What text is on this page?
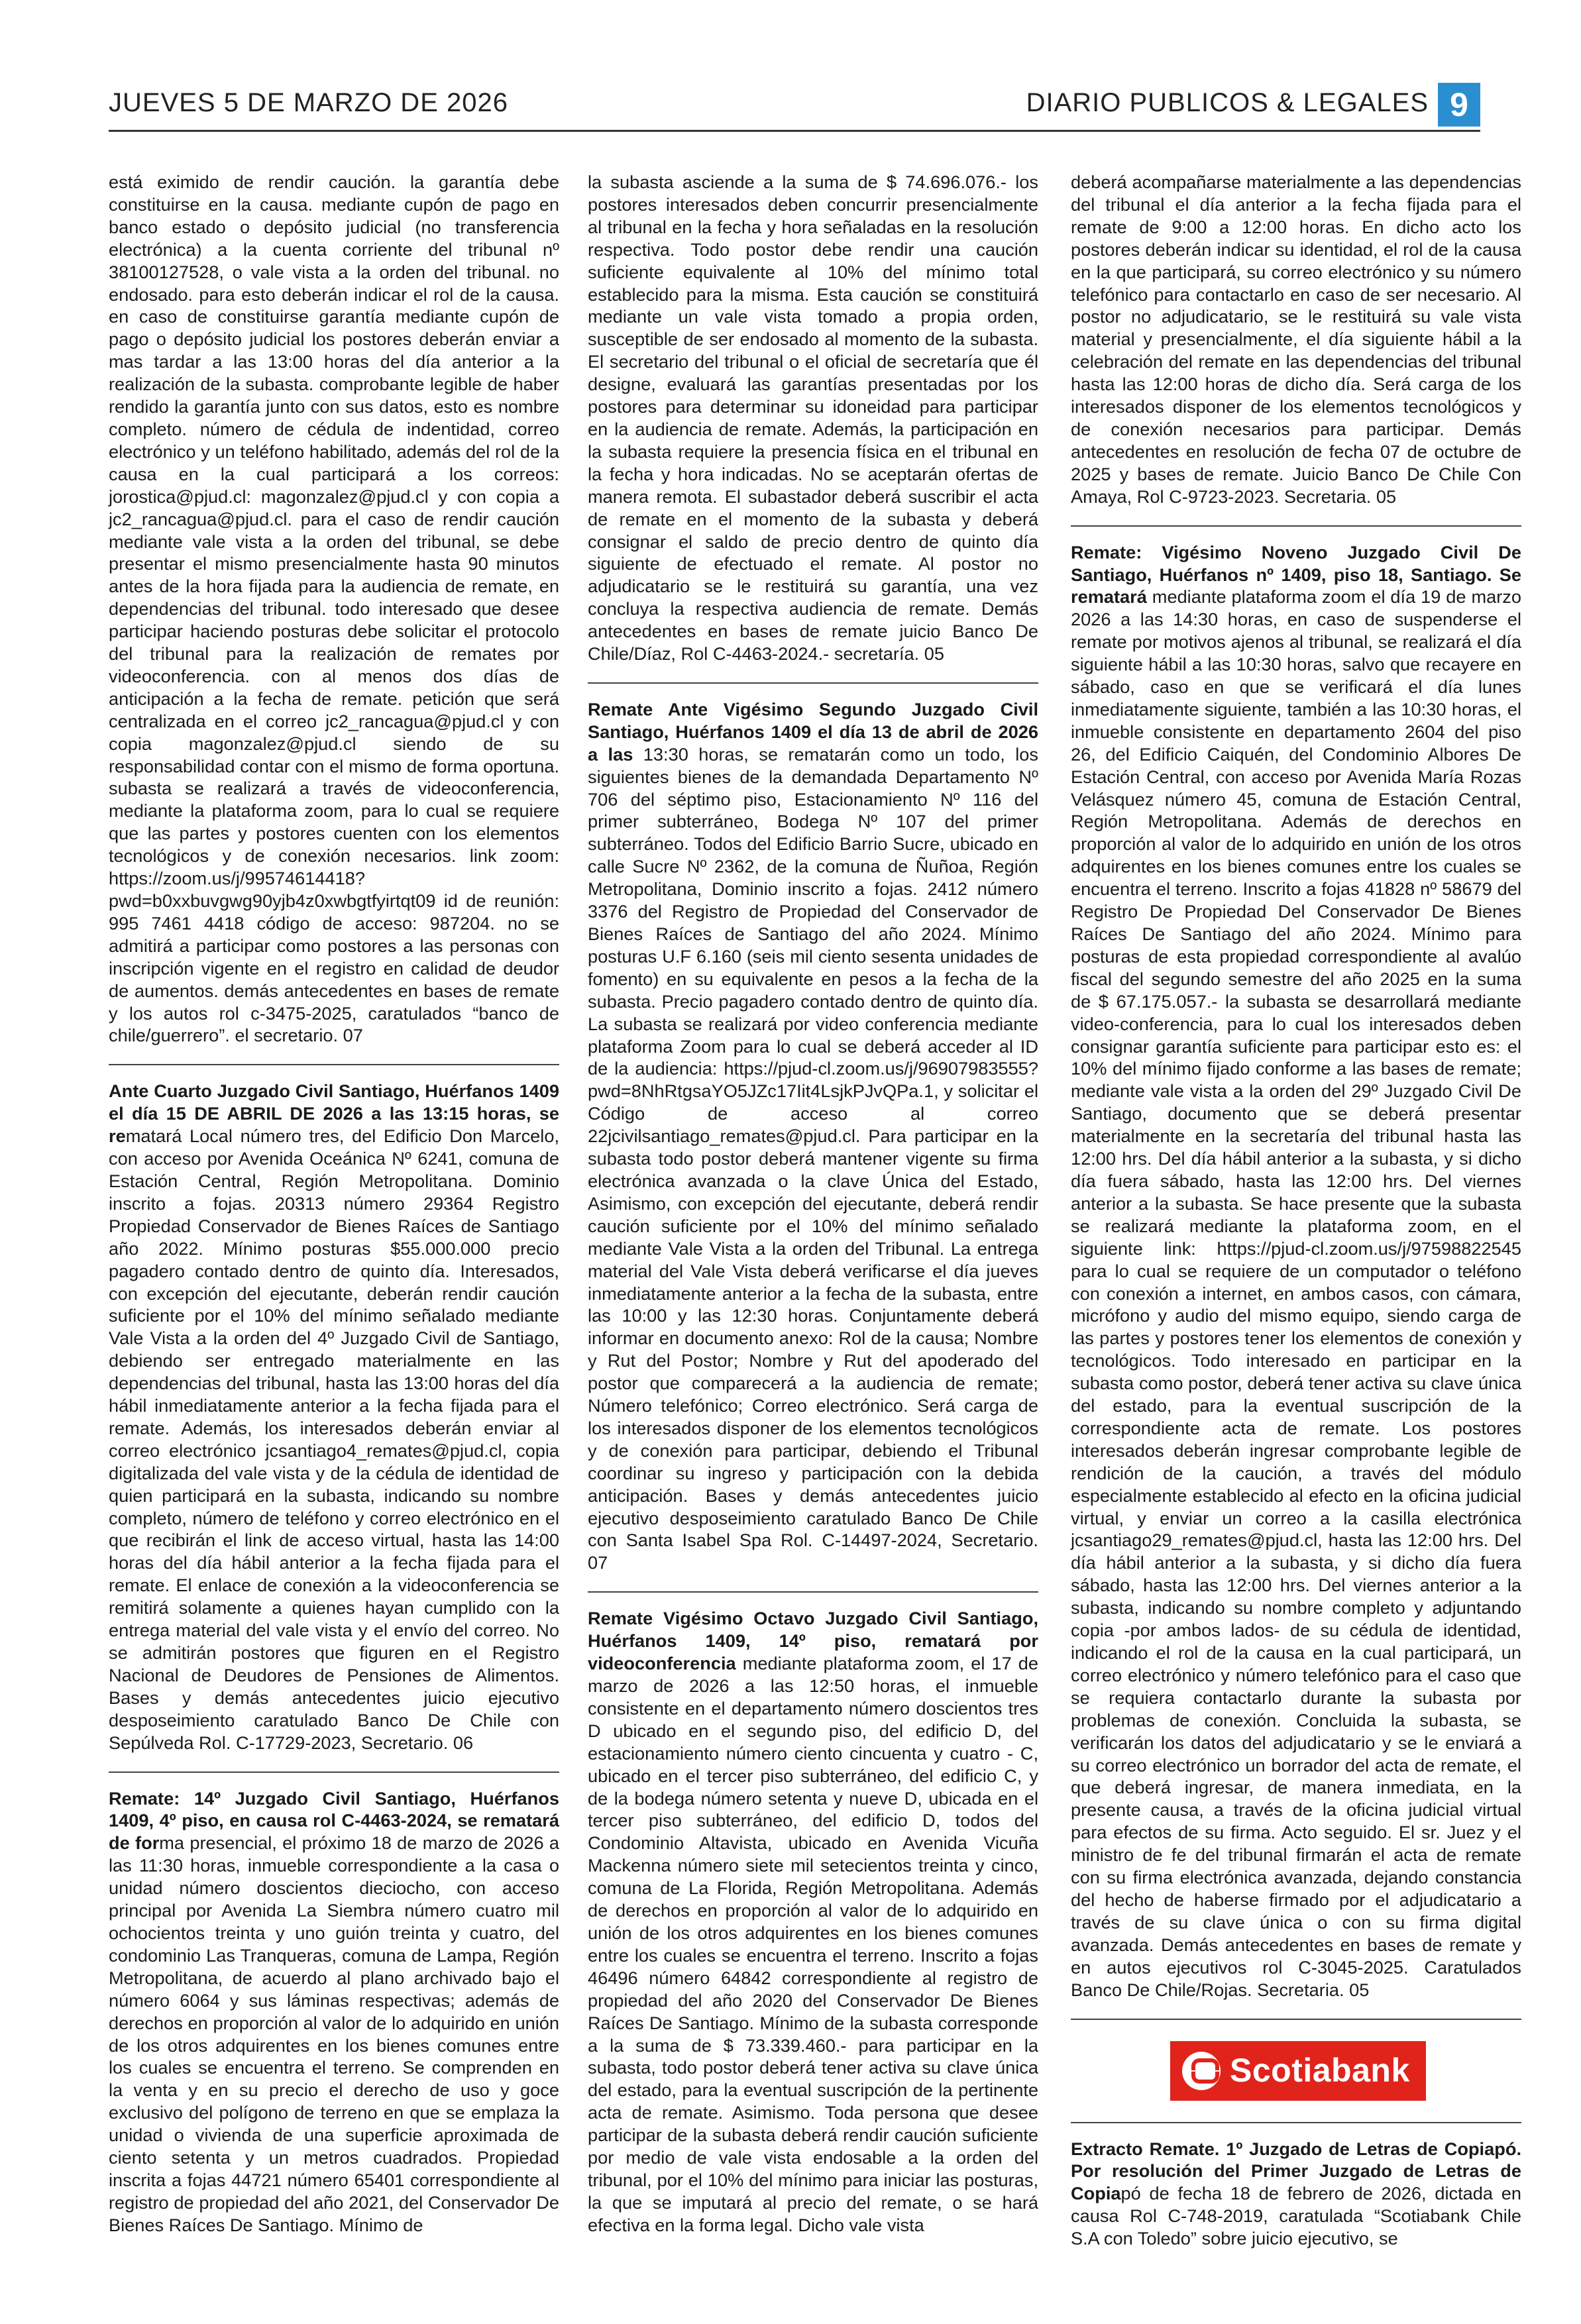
JUEVES 5 DE MARZO DE 2026	DIARIO PUBLICOS & LEGALES 9

está eximido de rendir caución. la garantía debe constituirse en la causa. mediante cupón de pago en banco estado o depósito judicial (no transferencia electrónica) a la cuenta corriente del tribunal nº 38100127528, o vale vista a la orden del tribunal. no endosado. para esto deberán indicar el rol de la causa. en caso de constituirse garantía mediante cupón de pago o depósito judicial los postores deberán enviar a mas tardar a las 13:00 horas del día anterior a la realización de la subasta. comprobante legible de haber rendido la garantía junto con sus datos, esto es nombre completo. número de cédula de indentidad, correo electrónico y un teléfono habilitado, además del rol de la causa en la cual participará a los correos: jorostica@pjud.cl: magonzalez@pjud.cl y con copia a jc2_rancagua@pjud.cl. para el caso de rendir caución mediante vale vista a la orden del tribunal, se debe presentar el mismo presencialmente hasta 90 minutos antes de la hora fijada para la audiencia de remate, en dependencias del tribunal. todo interesado que desee participar haciendo posturas debe solicitar el protocolo del tribunal para la realización de remates por videoconferencia. con al menos dos días de anticipación a la fecha de remate. petición que será centralizada en el correo jc2_rancagua@pjud.cl y con copia magonzalez@pjud.cl siendo de su responsabilidad contar con el mismo de forma oportuna. subasta se realizará a través de videoconferencia, mediante la plataforma zoom, para lo cual se requiere que las partes y postores cuenten con los elementos tecnológicos y de conexión necesarios. link zoom: https://zoom.us/j/99574614418?pwd=b0xxbuvgwg90yjb4z0xwbgtfyirtqt09 id de reunión: 995 7461 4418 código de acceso: 987204. no se admitirá a participar como postores a las personas con inscripción vigente en el registro en calidad de deudor de aumentos. demás antecedentes en bases de remate y los autos rol c-3475-2025, caratulados “banco de chile/guerrero”. el secretario. 07

Ante Cuarto Juzgado Civil Santiago, Huérfanos 1409 el día 15 DE ABRIL DE 2026 a las 13:15 horas, se rematará Local número tres, del Edificio Don Marcelo, con acceso por Avenida Oceánica Nº 6241, comuna de Estación Central, Región Metropolitana. Dominio inscrito a fojas. 20313 número 29364 Registro Propiedad Conservador de Bienes Raíces de Santiago año 2022. Mínimo posturas $55.000.000 precio pagadero contado dentro de quinto día. Interesados, con excepción del ejecutante, deberán rendir caución suficiente por el 10% del mínimo señalado mediante Vale Vista a la orden del 4º Juzgado Civil de Santiago, debiendo ser entregado materialmente en las dependencias del tribunal, hasta las 13:00 horas del día hábil inmediatamente anterior a la fecha fijada para el remate. Además, los interesados deberán enviar al correo electrónico jcsantiago4_remates@pjud.cl, copia digitalizada del vale vista y de la cédula de identidad de quien participará en la subasta, indicando su nombre completo, número de teléfono y correo electrónico en el que recibirán el link de acceso virtual, hasta las 14:00 horas del día hábil anterior a la fecha fijada para el remate. El enlace de conexión a la videoconferencia se remitirá solamente a quienes hayan cumplido con la entrega material del vale vista y el envío del correo. No se admitirán postores que figuren en el Registro Nacional de Deudores de Pensiones de Alimentos. Bases y demás antecedentes juicio ejecutivo desposeimiento caratulado Banco De Chile con Sepúlveda Rol. C-17729-2023, Secretario. 06

Remate: 14º Juzgado Civil Santiago, Huérfanos 1409, 4º piso, en causa rol C-4463-2024, se rematará de forma presencial, el próximo 18 de marzo de 2026 a las 11:30 horas, inmueble correspondiente a la casa o unidad número doscientos dieciocho, con acceso principal por Avenida La Siembra número cuatro mil ochocientos treinta y uno guión treinta y cuatro, del condominio Las Tranqueras, comuna de Lampa, Región Metropolitana, de acuerdo al plano archivado bajo el número 6064 y sus láminas respectivas; además de derechos en proporción al valor de lo adquirido en unión de los otros adquirentes en los bienes comunes entre los cuales se encuentra el terreno. Se comprenden en la venta y en su precio el derecho de uso y goce exclusivo del polígono de terreno en que se emplaza la unidad o vivienda de una superficie aproximada de ciento setenta y un metros cuadrados. Propiedad inscrita a fojas 44721 número 65401 correspondiente al registro de propiedad del año 2021, del Conservador De Bienes Raíces De Santiago. Mínimo de

la subasta asciende a la suma de $ 74.696.076.- los postores interesados deben concurrir presencialmente al tribunal en la fecha y hora señaladas en la resolución respectiva. Todo postor debe rendir una caución suficiente equivalente al 10% del mínimo total establecido para la misma. Esta caución se constituirá mediante un vale vista tomado a propia orden, susceptible de ser endosado al momento de la subasta. El secretario del tribunal o el oficial de secretaría que él designe, evaluará las garantías presentadas por los postores para determinar su idoneidad para participar en la audiencia de remate. Además, la participación en la subasta requiere la presencia física en el tribunal en la fecha y hora indicadas. No se aceptarán ofertas de manera remota. El subastador deberá suscribir el acta de remate en el momento de la subasta y deberá consignar el saldo de precio dentro de quinto día siguiente de efectuado el remate. Al postor no adjudicatario se le restituirá su garantía, una vez concluya la respectiva audiencia de remate. Demás antecedentes en bases de remate juicio Banco De Chile/Díaz, Rol C-4463-2024.- secretaría. 05

Remate Ante Vigésimo Segundo Juzgado Civil Santiago, Huérfanos 1409 el día 13 de abril de 2026 a las 13:30 horas, se rematarán como un todo, los siguientes bienes de la demandada Departamento Nº 706 del séptimo piso, Estacionamiento Nº 116 del primer subterráneo, Bodega Nº 107 del primer subterráneo. Todos del Edificio Barrio Sucre, ubicado en calle Sucre Nº 2362, de la comuna de Ñuñoa, Región Metropolitana, Dominio inscrito a fojas. 2412 número 3376 del Registro de Propiedad del Conservador de Bienes Raíces de Santiago del año 2024. Mínimo posturas U.F 6.160 (seis mil ciento sesenta unidades de fomento) en su equivalente en pesos a la fecha de la subasta. Precio pagadero contado dentro de quinto día. La subasta se realizará por video conferencia mediante plataforma Zoom para lo cual se deberá acceder al ID de la audiencia: https://pjud-cl.zoom.us/j/96907983555?pwd=8NhRtgsaYO5JZc17Iit4LsjkPJvQPa.1, y solicitar el Código de acceso al correo 22jcivilsantiago_remates@pjud.cl. Para participar en la subasta todo postor deberá mantener vigente su firma electrónica avanzada o la clave Única del Estado, Asimismo, con excepción del ejecutante, deberá rendir caución suficiente por el 10% del mínimo señalado mediante Vale Vista a la orden del Tribunal. La entrega material del Vale Vista deberá verificarse el día jueves inmediatamente anterior a la fecha de la subasta, entre las 10:00 y las 12:30 horas. Conjuntamente deberá informar en documento anexo: Rol de la causa; Nombre y Rut del Postor; Nombre y Rut del apoderado del postor que comparecerá a la audiencia de remate; Número telefónico; Correo electrónico. Será carga de los interesados disponer de los elementos tecnológicos y de conexión para participar, debiendo el Tribunal coordinar su ingreso y participación con la debida anticipación. Bases y demás antecedentes juicio ejecutivo desposeimiento caratulado Banco De Chile con Santa Isabel Spa Rol. C-14497-2024, Secretario. 07

Remate Vigésimo Octavo Juzgado Civil Santiago, Huérfanos 1409, 14º piso, rematará por videoconferencia mediante plataforma zoom, el 17 de marzo de 2026 a las 12:50 horas, el inmueble consistente en el departamento número doscientos tres D ubicado en el segundo piso, del edificio D, del estacionamiento número ciento cincuenta y cuatro - C, ubicado en el tercer piso subterráneo, del edificio C, y de la bodega número setenta y nueve D, ubicada en el tercer piso subterráneo, del edificio D, todos del Condominio Altavista, ubicado en Avenida Vicuña Mackenna número siete mil setecientos treinta y cinco, comuna de La Florida, Región Metropolitana. Además de derechos en proporción al valor de lo adquirido en unión de los otros adquirentes en los bienes comunes entre los cuales se encuentra el terreno. Inscrito a fojas 46496 número 64842 correspondiente al registro de propiedad del año 2020 del Conservador De Bienes Raíces De Santiago. Mínimo de la subasta corresponde a la suma de $ 73.339.460.- para participar en la subasta, todo postor deberá tener activa su clave única del estado, para la eventual suscripción de la pertinente acta de remate. Asimismo. Toda persona que desee participar de la subasta deberá rendir caución suficiente por medio de vale vista endosable a la orden del tribunal, por el 10% del mínimo para iniciar las posturas, la que se imputará al precio del remate, o se hará efectiva en la forma legal. Dicho vale vista

deberá acompañarse materialmente a las dependencias del tribunal el día anterior a la fecha fijada para el remate de 9:00 a 12:00 horas. En dicho acto los postores deberán indicar su identidad, el rol de la causa en la que participará, su correo electrónico y su número telefónico para contactarlo en caso de ser necesario. Al postor no adjudicatario, se le restituirá su vale vista material y presencialmente, el día siguiente hábil a la celebración del remate en las dependencias del tribunal hasta las 12:00 horas de dicho día. Será carga de los interesados disponer de los elementos tecnológicos y de conexión necesarios para participar. Demás antecedentes en resolución de fecha 07 de octubre de 2025 y bases de remate. Juicio Banco De Chile Con Amaya, Rol C-9723-2023. Secretaria. 05

Remate: Vigésimo Noveno Juzgado Civil De Santiago, Huérfanos nº 1409, piso 18, Santiago. Se rematará mediante plataforma zoom el día 19 de marzo 2026 a las 14:30 horas, en caso de suspenderse el remate por motivos ajenos al tribunal, se realizará el día siguiente hábil a las 10:30 horas, salvo que recayere en sábado, caso en que se verificará el día lunes inmediatamente siguiente, también a las 10:30 horas, el inmueble consistente en departamento 2604 del piso 26, del Edificio Caiquén, del Condominio Albores De Estación Central, con acceso por Avenida María Rozas Velásquez número 45, comuna de Estación Central, Región Metropolitana. Además de derechos en proporción al valor de lo adquirido en unión de los otros adquirentes en los bienes comunes entre los cuales se encuentra el terreno. Inscrito a fojas 41828 nº 58679 del Registro De Propiedad Del Conservador De Bienes Raíces De Santiago del año 2024. Mínimo para posturas de esta propiedad correspondiente al avalúo fiscal del segundo semestre del año 2025 en la suma de $ 67.175.057.- la subasta se desarrollará mediante video-conferencia, para lo cual los interesados deben consignar garantía suficiente para participar esto es: el 10% del mínimo fijado conforme a las bases de remate; mediante vale vista a la orden del 29º Juzgado Civil De Santiago, documento que se deberá presentar materialmente en la secretaría del tribunal hasta las 12:00 hrs. Del día hábil anterior a la subasta, y si dicho día fuera sábado, hasta las 12:00 hrs. Del viernes anterior a la subasta. Se hace presente que la subasta se realizará mediante la plataforma zoom, en el siguiente link: https://pjud-cl.zoom.us/j/97598822545 para lo cual se requiere de un computador o teléfono con conexión a internet, en ambos casos, con cámara, micrófono y audio del mismo equipo, siendo carga de las partes y postores tener los elementos de conexión y tecnológicos. Todo interesado en participar en la subasta como postor, deberá tener activa su clave única del estado, para la eventual suscripción de la correspondiente acta de remate. Los postores interesados deberán ingresar comprobante legible de rendición de la caución, a través del módulo especialmente establecido al efecto en la oficina judicial virtual, y enviar un correo a la casilla electrónica jcsantiago29_remates@pjud.cl, hasta las 12:00 hrs. Del día hábil anterior a la subasta, y si dicho día fuera sábado, hasta las 12:00 hrs. Del viernes anterior a la subasta, indicando su nombre completo y adjuntando copia -por ambos lados- de su cédula de identidad, indicando el rol de la causa en la cual participará, un correo electrónico y número telefónico para el caso que se requiera contactarlo durante la subasta por problemas de conexión. Concluida la subasta, se verificarán los datos del adjudicatario y se le enviará a su correo electrónico un borrador del acta de remate, el que deberá ingresar, de manera inmediata, en la presente causa, a través de la oficina judicial virtual para efectos de su firma. Acto seguido. El sr. Juez y el ministro de fe del tribunal firmarán el acta de remate con su firma electrónica avanzada, dejando constancia del hecho de haberse firmado por el adjudicatario a través de su clave única o con su firma digital avanzada. Demás antecedentes en bases de remate y en autos ejecutivos rol C-3045-2025. Caratulados Banco De Chile/Rojas. Secretaria. 05

Scotiabank

Extracto Remate. 1º Juzgado de Letras de Copiapó. Por resolución del Primer Juzgado de Letras de Copiapó de fecha 18 de febrero de 2026, dictada en causa Rol C-748-2019, caratulada “Scotiabank Chile S.A con Toledo” sobre juicio ejecutivo, se
